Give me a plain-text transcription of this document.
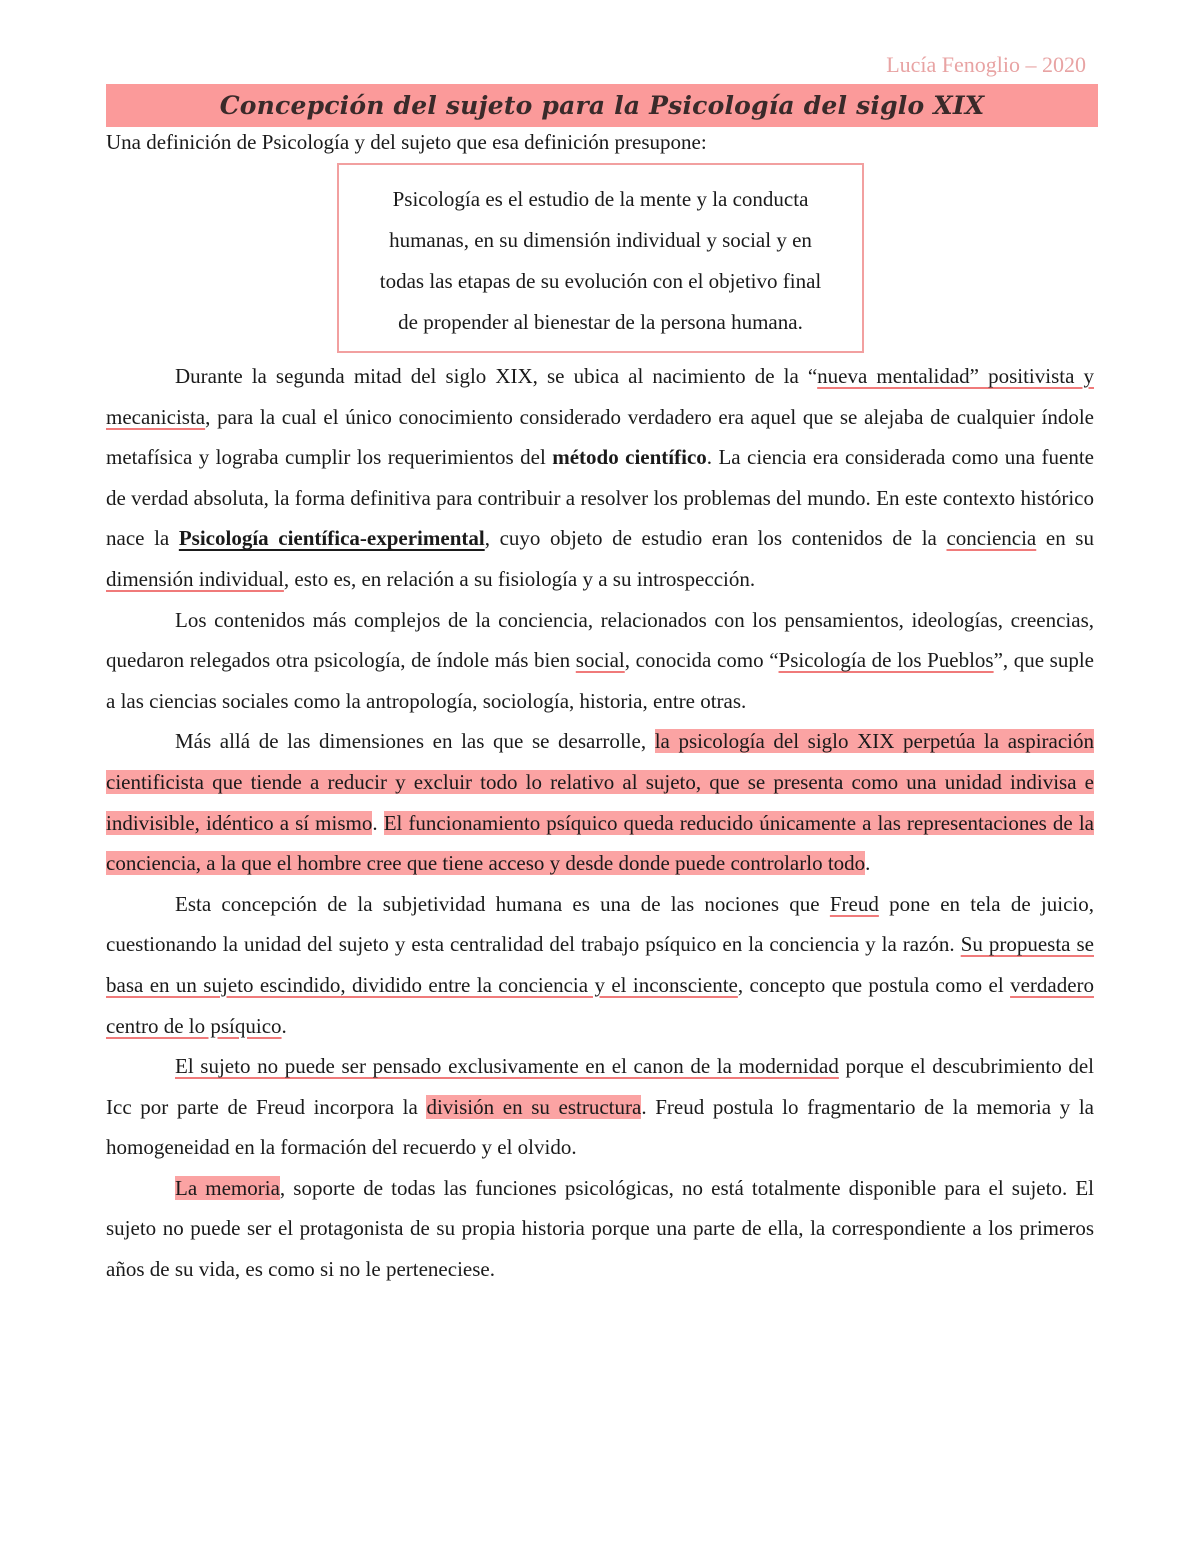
Lucía Fenoglio – 2020
Concepción del sujeto para la Psicología del siglo XIX
Una definición de Psicología y del sujeto que esa definición presupone:
Psicología es el estudio de la mente y la conducta
humanas, en su dimensión individual y social y en
todas las etapas de su evolución con el objetivo final
de propender al bienestar de la persona humana.

Durante la segunda mitad del siglo XIX, se ubica al nacimiento de la “nueva mentalidad” positivista y mecanicista, para la cual el único conocimiento considerado verdadero era aquel que se alejaba de cualquier índole metafísica y lograba cumplir los requerimientos del método científico. La ciencia era considerada como una fuente de verdad absoluta, la forma definitiva para contribuir a resolver los problemas del mundo. En este contexto histórico nace la Psicología científica-experimental, cuyo objeto de estudio eran los contenidos de la conciencia en su dimensión individual, esto es, en relación a su fisiología y a su introspección.

Los contenidos más complejos de la conciencia, relacionados con los pensamientos, ideologías, creencias, quedaron relegados otra psicología, de índole más bien social, conocida como “Psicología de los Pueblos”, que suple a las ciencias sociales como la antropología, sociología, historia, entre otras.

Más allá de las dimensiones en las que se desarrolle, la psicología del siglo XIX perpetúa la aspiración cientificista que tiende a reducir y excluir todo lo relativo al sujeto, que se presenta como una unidad indivisa e indivisible, idéntico a sí mismo. El funcionamiento psíquico queda reducido únicamente a las representaciones de la conciencia, a la que el hombre cree que tiene acceso y desde donde puede controlarlo todo.

Esta concepción de la subjetividad humana es una de las nociones que Freud pone en tela de juicio, cuestionando la unidad del sujeto y esta centralidad del trabajo psíquico en la conciencia y la razón. Su propuesta se basa en un sujeto escindido, dividido entre la conciencia y el inconsciente, concepto que postula como el verdadero centro de lo psíquico.

El sujeto no puede ser pensado exclusivamente en el canon de la modernidad porque el descubrimiento del Icc por parte de Freud incorpora la división en su estructura. Freud postula lo fragmentario de la memoria y la homogeneidad en la formación del recuerdo y el olvido.

La memoria, soporte de todas las funciones psicológicas, no está totalmente disponible para el sujeto. El sujeto no puede ser el protagonista de su propia historia porque una parte de ella, la correspondiente a los primeros años de su vida, es como si no le perteneciese.
